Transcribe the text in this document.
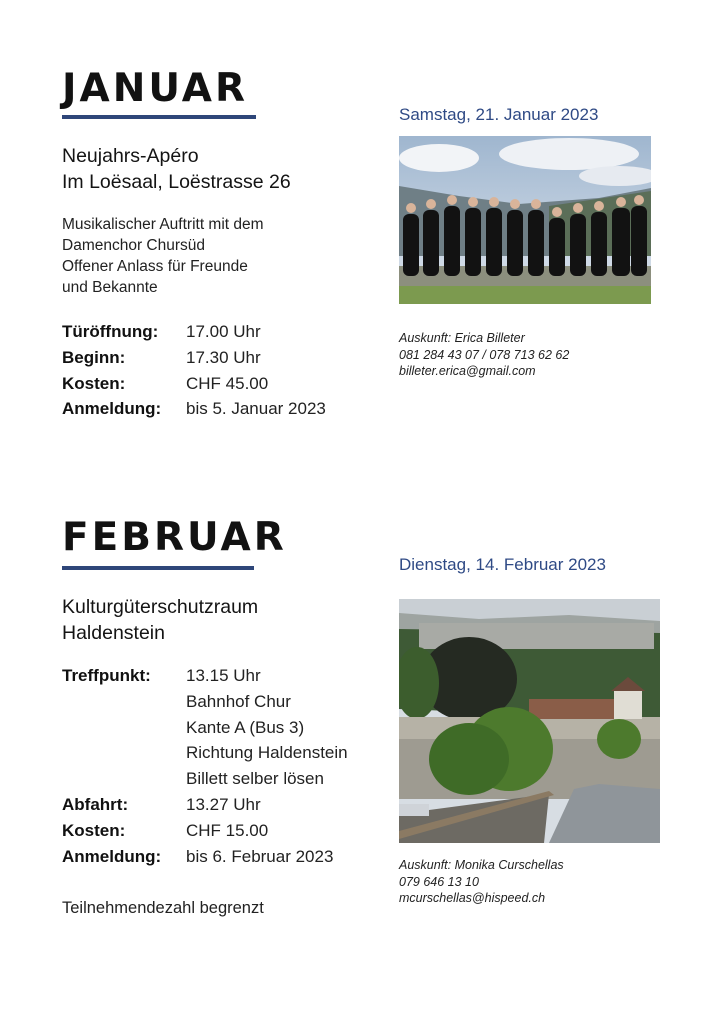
JANUAR
Neujahrs-Apéro
Im Loësaal, Loëstrasse 26
Musikalischer Auftritt mit dem
Damenchor Chursüd
Offener Anlass für Freunde
und Bekannte
Türöffnung:	17.00 Uhr
Beginn:	17.30 Uhr
Kosten:	CHF 45.00
Anmeldung:	bis 5. Januar 2023
Samstag, 21. Januar 2023
Auskunft: Erica Billeter
081 284 43 07 / 078 713 62 62
billeter.erica@gmail.com
FEBRUAR
Kulturgüterschutzraum
Haldenstein
Treffpunkt:	13.15 Uhr
Bahnhof Chur
Kante A (Bus 3)
Richtung Haldenstein
Billett selber lösen
Abfahrt:	13.27 Uhr
Kosten:	CHF 15.00
Anmeldung:	bis 6. Februar 2023
Teilnehmendezahl begrenzt
Dienstag, 14. Februar 2023
Auskunft: Monika Curschellas
079 646 13 10
mcurschellas@hispeed.ch
